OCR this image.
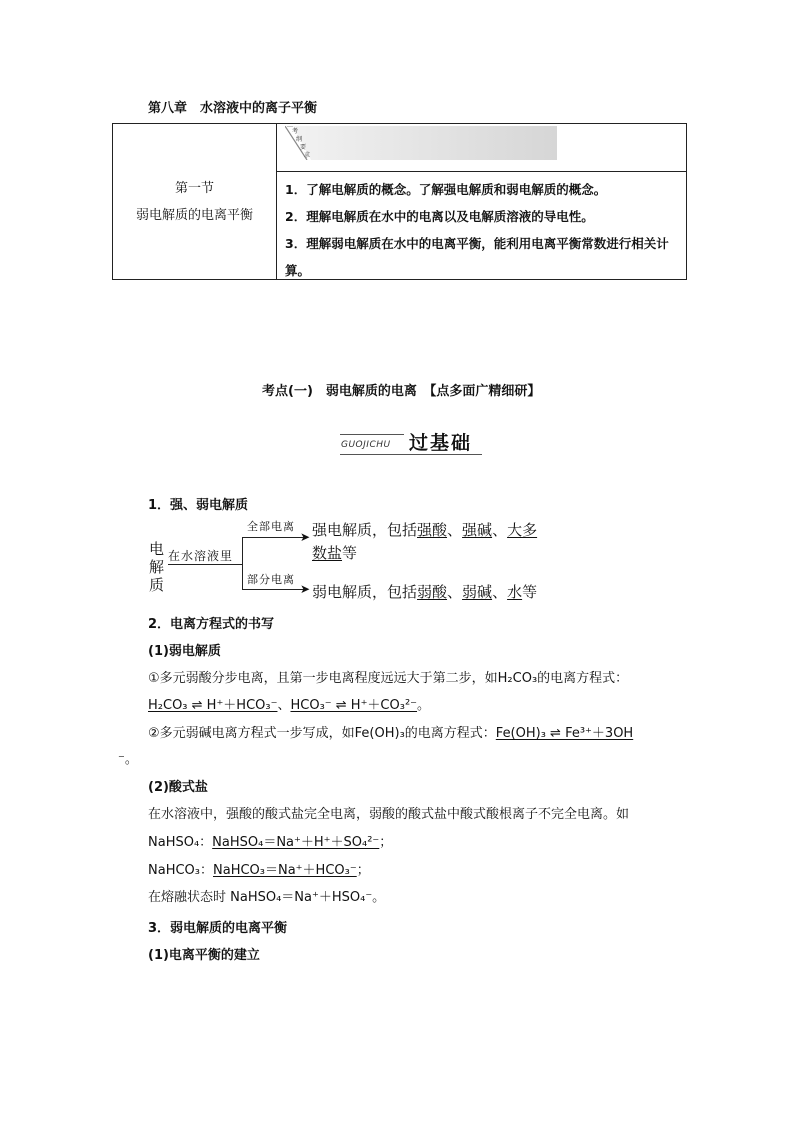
第八章　水溶液中的离子平衡
第一节
弱电解质的电离平衡
考
纲
要
求
1．了解电解质的概念。了解强电解质和弱电解质的概念。
2．理解电解质在水中的电离以及电解质溶液的导电性。
3．理解弱电解质在水中的电离平衡，能利用电离平衡常数进行相关计算。
考点(一)　弱电解质的电离　【点多面广精细研】
GUOJICHU 过基础
1．强、弱电解质
电
解
质
在水溶液里
全部电离
➤
部分电离
➤
强电解质，包括强酸、强碱、大多
数盐等
弱电解质，包括弱酸、弱碱、水等
2．电离方程式的书写
(1)弱电解质
①多元弱酸分步电离，且第一步电离程度远远大于第二步，如H₂CO₃的电离方程式：
H₂CO₃ ⇌ H⁺＋HCO₃⁻、HCO₃⁻ ⇌ H⁺＋CO₃²⁻。
②多元弱碱电离方程式一步写成，如Fe(OH)₃的电离方程式：Fe(OH)₃ ⇌ Fe³⁺＋3OH
⁻。
(2)酸式盐
在水溶液中，强酸的酸式盐完全电离，弱酸的酸式盐中酸式酸根离子不完全电离。如
NaHSO₄：NaHSO₄＝Na⁺＋H⁺＋SO₄²⁻；
NaHCO₃：NaHCO₃＝Na⁺＋HCO₃⁻；
在熔融状态时 NaHSO₄＝Na⁺＋HSO₄⁻。
3．弱电解质的电离平衡
(1)电离平衡的建立
